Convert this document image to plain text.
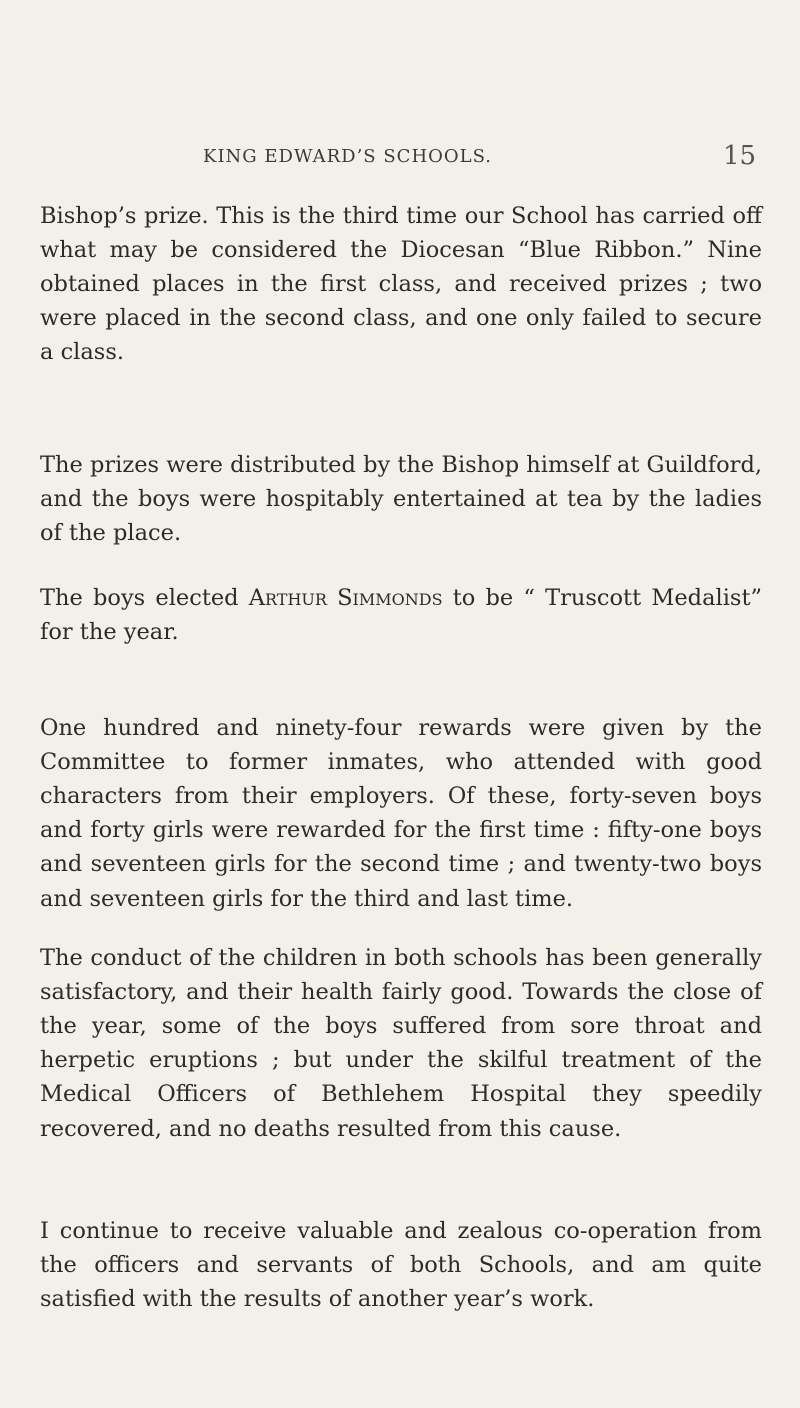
KING EDWARD’S SCHOOLS.	15

Bishop’s prize. This is the third time our School has carried off what may be considered the Diocesan “Blue Ribbon.” Nine obtained places in the first class, and received prizes ; two were placed in the second class, and one only failed to secure a class.

The prizes were distributed by the Bishop himself at Guildford, and the boys were hospitably entertained at tea by the ladies of the place.

The boys elected Arthur Simmonds to be “ Truscott Medalist” for the year.

One hundred and ninety-four rewards were given by the Committee to former inmates, who attended with good characters from their employers. Of these, forty-seven boys and forty girls were rewarded for the first time : fifty-one boys and seventeen girls for the second time ; and twenty-two boys and seventeen girls for the third and last time.

The conduct of the children in both schools has been generally satisfactory, and their health fairly good. Towards the close of the year, some of the boys suffered from sore throat and herpetic eruptions ; but under the skilful treatment of the Medical Officers of Bethlehem Hospital they speedily recovered, and no deaths resulted from this cause.

I continue to receive valuable and zealous co-operation from the officers and servants of both Schools, and am quite satisfied with the results of another year’s work.
